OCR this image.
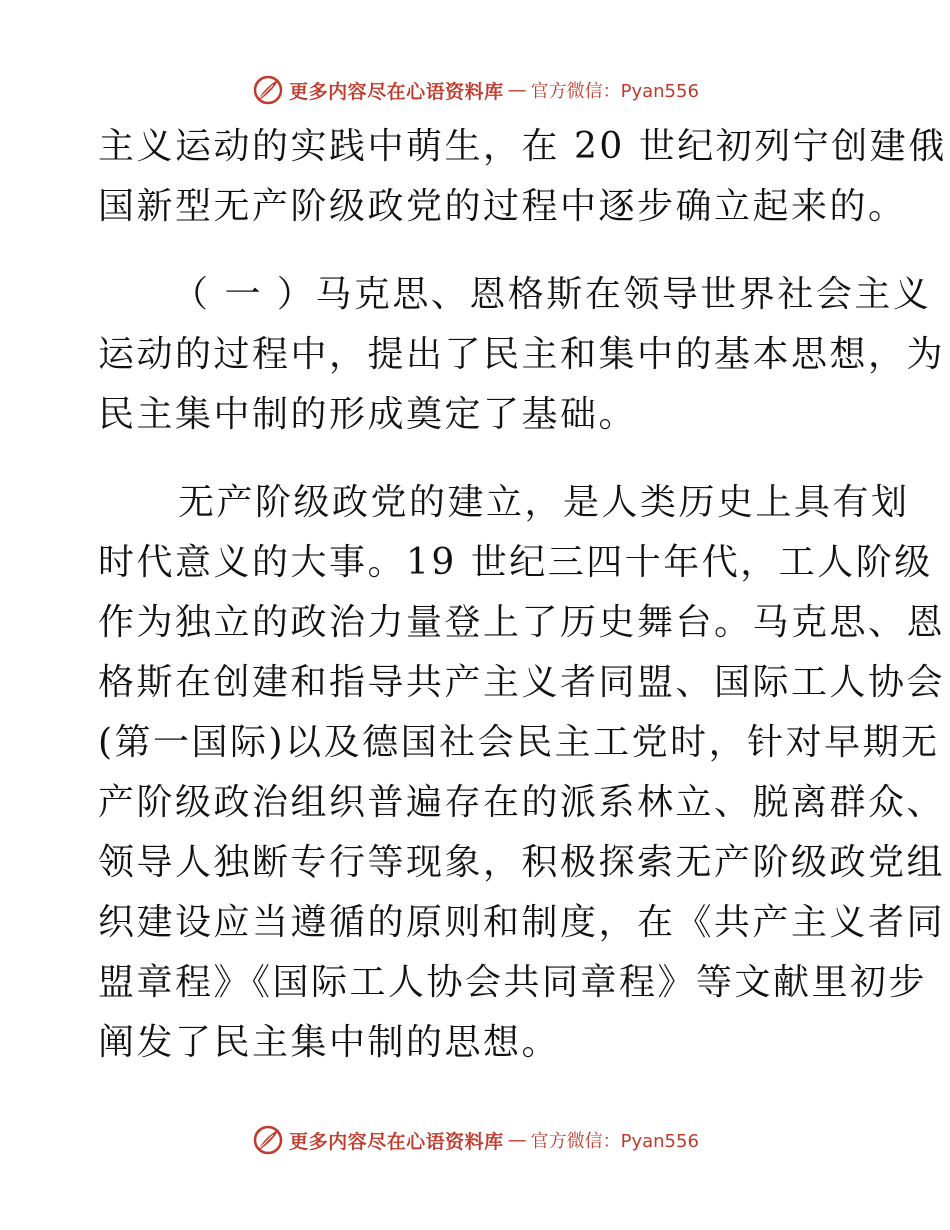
更多内容尽在心语资料库 — 官方微信：Pyan556
主义运动的实践中萌生，在 20 世纪初列宁创建俄
国新型无产阶级政党的过程中逐步确立起来的。
（ 一 ）马克思、恩格斯在领导世界社会主义
运动的过程中，提出了民主和集中的基本思想，为
民主集中制的形成奠定了基础。
无产阶级政党的建立，是人类历史上具有划
时代意义的大事。19 世纪三四十年代，工人阶级
作为独立的政治力量登上了历史舞台。马克思、恩
格斯在创建和指导共产主义者同盟、国际工人协会
(第一国际)以及德国社会民主工党时，针对早期无
产阶级政治组织普遍存在的派系林立、脱离群众、
领导人独断专行等现象，积极探索无产阶级政党组
织建设应当遵循的原则和制度，在《共产主义者同
盟章程》《国际工人协会共同章程》等文献里初步
阐发了民主集中制的思想。
更多内容尽在心语资料库 — 官方微信：Pyan556
